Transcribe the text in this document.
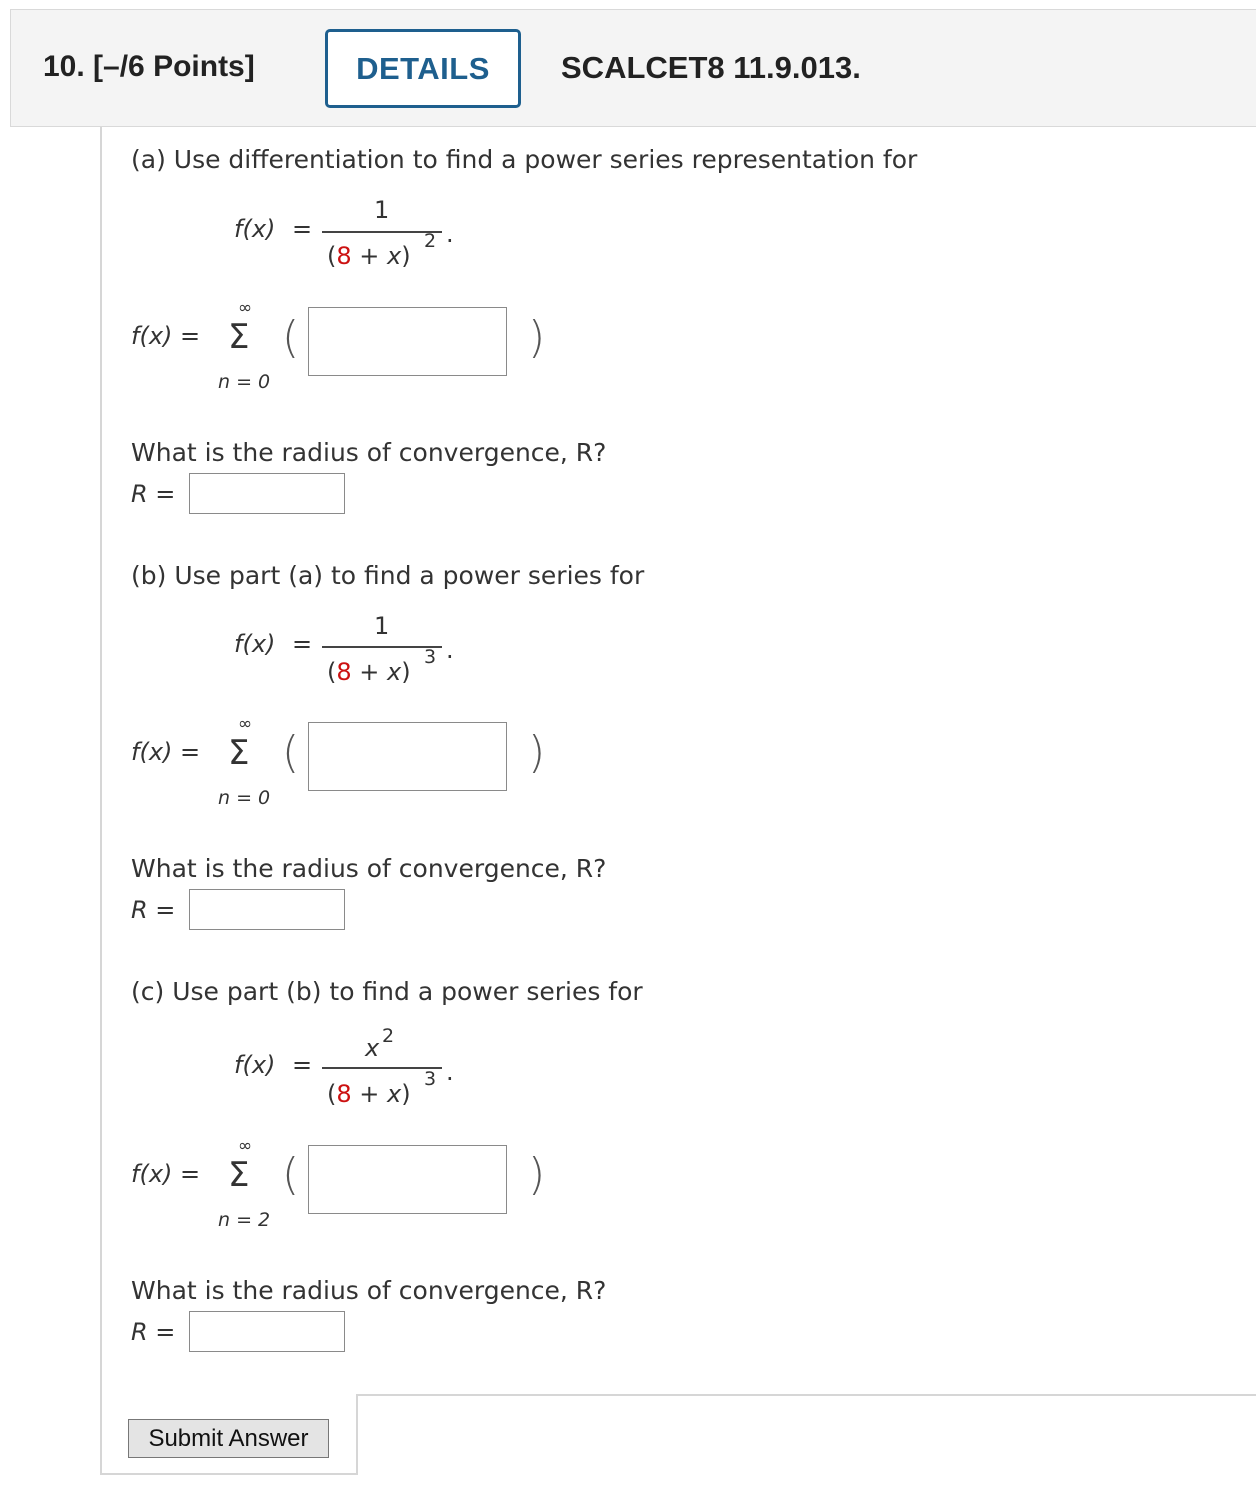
10. [–/6 Points]	DETAILS	SCALCET8 11.9.013.
(a) Use differentiation to find a power series representation for
f(x) =
1
(8 + x)
2 .
f(x) =
∞
Σ
n = 0
(	)
What is the radius of convergence, R?
R =
(b) Use part (a) to find a power series for
f(x) =
1
(8 + x)
3 .
f(x) =
∞
Σ
n = 0
(	)
What is the radius of convergence, R?
R =
(c) Use part (b) to find a power series for
f(x) =
x 2
(8 + x)
3 .
f(x) =
∞
Σ
n = 2
(	)
What is the radius of convergence, R?
R =
Submit Answer
